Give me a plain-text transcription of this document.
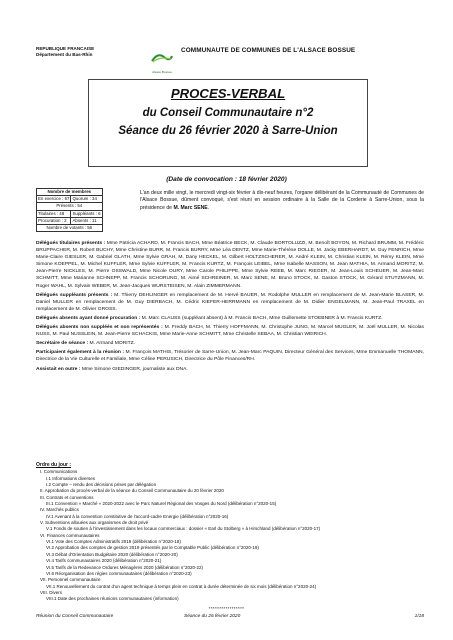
REPUBLIQUE FRANCAISE
Département du Bas-Rhin
Alsace Bossue
COMMUNAUTE DE COMMUNES DE L'ALSACE BOSSUE
PROCES-VERBAL
du Conseil Communautaire n°2
Séance du 26 février 2020 à Sarre-Union
(Date de convocation : 18 février 2020)
Nombre de membres	
En exercice : 67	Quorum : 34
Présents : 54	
Titulaires : 48	Suppléants : 6
Procuration : 2	Absents : 11
Nombre de votants : 56	
L'an deux mille vingt, le mercredi vingt-six février à dix-neuf heures, l'organe délibérant de la Communauté de Communes de l'Alsace Bossue, dûment convoqué, s'est réuni en session ordinaire à la Salle de la Corderie à Sarre-Union, sous la présidence de M. Marc SENE.
Délégués titulaires présents : Mme Patricia ACHARD, M. Francis BACH, Mme Béatrice BECK, M. Claude BORTOLUZZI, M. Benoît BOYON, M. Richard BRUMM, M. Frédéric BRUPPACHER, M. Robert BUCHY, Mme Christine BURR, M. Francis BURRY, Mme Léa DENTZ, Mme Marie-Thérèse DOLLE, M. Jacky EBERHARDT, M. Guy FENRICH, Mme Marie-Claire GIESLER, M. Gabriel GLATH, Mme Sylvie GRAH, M. Dany HECKEL, M. Gilbert HOLTZSCHERER, M. André KLEIN, M. Christian KLEIN, M. Rémy KLEIN, Mme Simone KOEPPEL, M. Michel KUFFLER, Mme Sylvie KUFFLER, M. Francis KURTZ, M. François LEIBEL, Mme Isabelle MASSON, M. Jean MATHIA, M. Armand MORITZ, M. Jean-Pierre NICKLES, M. Pierre OSSWALD, Mme Nicole OURY, Mme Carole PHILIPPE, Mme Sylvie REEB, M. Marc RIEGER, M. Jean-Louis SCHEUER, M. Jean-Marc SCHMITT, Mme Marianne SCHNEPP, M. Francis SCHORUNG, M. Aimé SCHREINER, M. Marc SENE, M. Bruno STOCK, M. Gaston STOCK, M. Gérard STUTZMANN, M. Roger WAHL, M. Sylvain WEBER, M. Jean-Jacques WURSTEISEN, M. Alain ZIMMERMANN.
Délégués suppléants présents : M. Thierry DEHLINGER en remplacement de M. Hervé BAUER, M. Rodolphe MULLER en remplacement de M. Jean-Marie BLASER, M. Daniel MULLER en remplacement de M. Guy DIERBACH, M. Cédric KIEFER-HERRMANN en remplacement de M. Didier ENGELMANN, M. Jean-Paul TRAXEL en remplacement de M. Olivier GROSS.
Délégués absents ayant donné procuration : M. Marc CLAUSS (suppléant absent) à M. Francis BACH, Mme Guillemette STOEBNER à M. Francis KURTZ.
Délégués absents non suppléés et non représentés : M. Freddy BACH, M. Thierry HOFFMANN, M. Christophe JUNG, M. Marcel MUGLER, M. Joël MULLER, M. Nicolas NUSS, M. Paul NUSSLEIN, M. Jean-Pierre SCHACKIS, Mme Marie-Anne SCHMITT, Mme Christelle SEBAA, M. Christian WEIRICH.
Secrétaire de séance : M. Armand MORITZ.
Participaient également à la réunion : M. François MATHIS, Trésorier de Sarre-Union, M. Jean-Marc PAQUIN, Directeur Général des Services, Mme Emmanuelle THOMANN, Directrice de la Vie Culturelle et Familiale, Mme Céline PERUSICH, Directrice du Pôle Finances/RH.
Assistait en outre : Mme Simone GIEDINGER, journaliste aux DNA.
Ordre du jour :
I. Communications
I.1 Informations diverses
I.2 Compte – rendu des décisions prises par délégation
II. Approbation du procès-verbal de la séance du Conseil Communautaire du 20 février 2020
III. Contrats et conventions
III.1 Convention « Marché » 2020-2022 avec le Parc Naturel Régional des Vosges du Nord (délibération n°2020-15)
IV. Marchés publics
IV.1 Avenant à la convention constitutive de l'accord-cadre Energie (délibération n°2020-16)
V. Subventions allouées aux organismes de droit privé
V.1 Fonds de soutien à l'investissement dans les locaux commerciaux : dossier « Earl du Stolberg » à Hirschland (délibération n°2020-17)
VI. Finances communautaires
VI.1 Vote des Comptes Administratifs 2019 (délibération n°2020-18)
VI.2 Approbation des comptes de gestion 2019 présentés par le Comptable Public (délibération n°2020-19)
VI.3 Débat d'Orientation Budgétaire 2020 (délibération n°2020-20)
VI.4 Tarifs communautaires 2020 (délibération n°2020-21)
VI.5 Tarifs de la Redevance Ordures Ménagères 2020 (délibération n°2020-22)
VI.6 Réorganisation des régies communautaires (délibération n°2020-23)
VII. Personnel communautaire
VII.1 Renouvellement du contrat d'un agent technique à temps plein en contrat à durée déterminée de six mois (délibération n°2020-24)
VIII. Divers
VIII.1 Date des prochaines réunions communautaires (information)
*****************
Réunion du Conseil Communautaire	Séance du 26 février 2020	1/18
